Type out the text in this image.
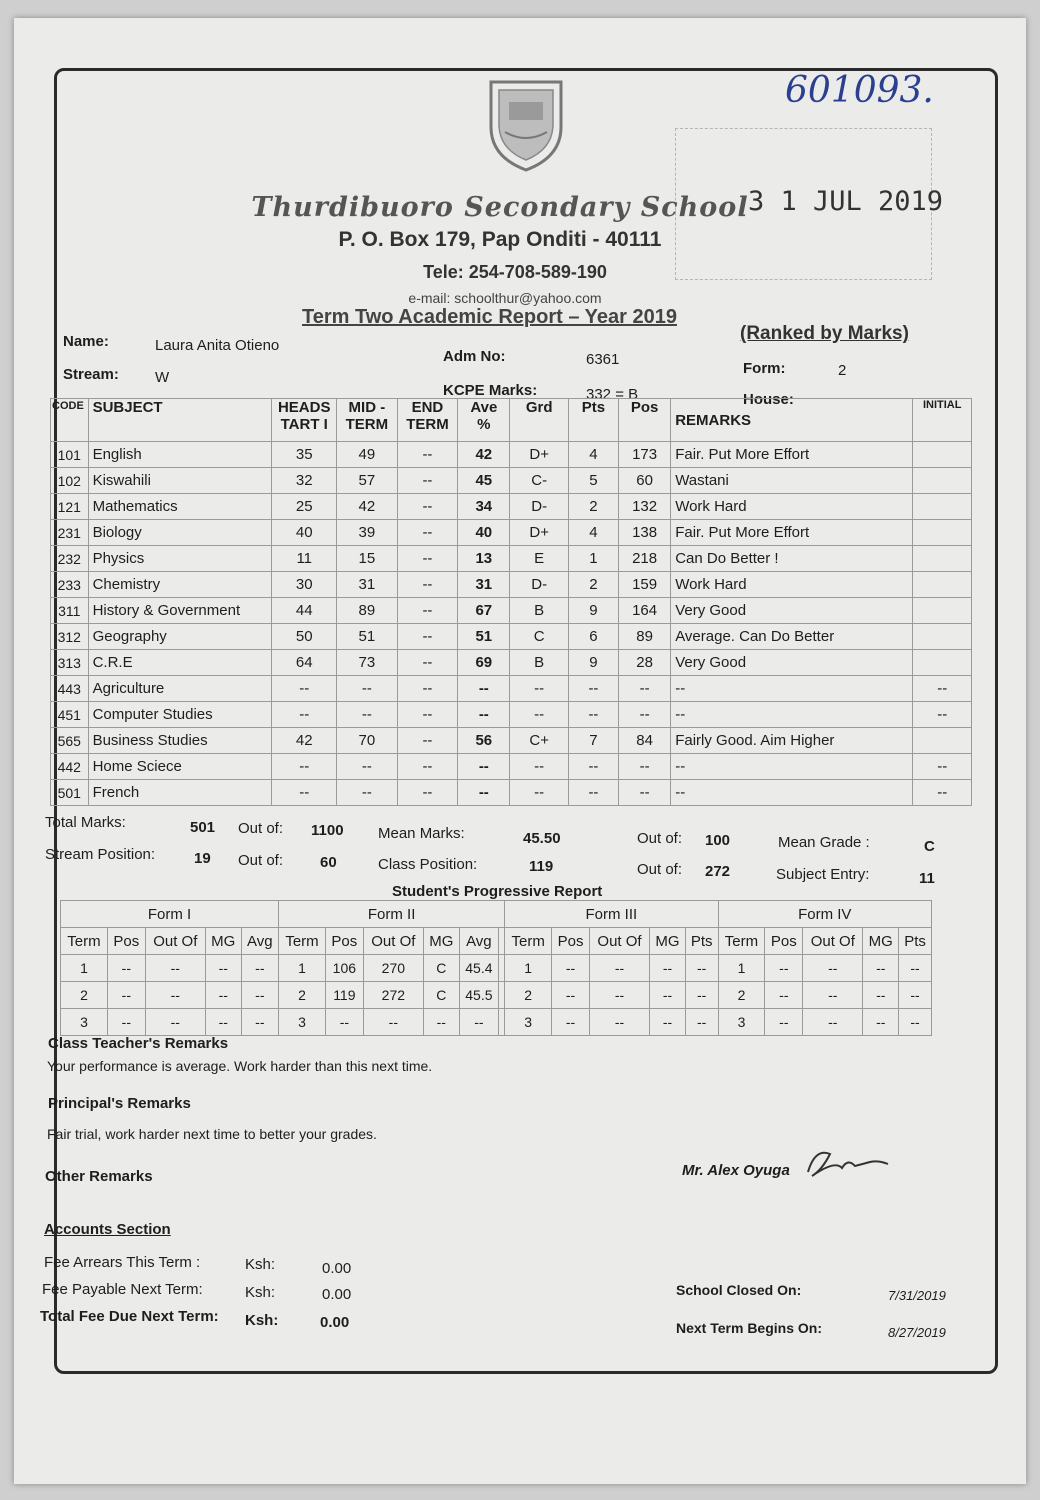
601093.
3 1 JUL 2019
Thurdibuoro Secondary School
P. O. Box 179, Pap Onditi - 40111
Tele: 254-708-589-190
e-mail: schoolthur@yahoo.com
Term Two Academic Report – Year 2019
(Ranked by Marks)
Name:	Laura Anita Otieno
Stream: W
Adm No:	6361
KCPE Marks:	332 = B
Form:	2
House:
CODE	SUBJECT	HEADS TART I	MID - TERM	END TERM	Ave %	Grd	Pts	Pos	REMARKS	INITIAL
101	English	35	49	--	42	D+	4	173	Fair. Put More Effort	
102	Kiswahili	32	57	--	45	C-	5	60	Wastani	
121	Mathematics	25	42	--	34	D-	2	132	Work Hard	
231	Biology	40	39	--	40	D+	4	138	Fair. Put More Effort	
232	Physics	11	15	--	13	E	1	218	Can Do Better !	
233	Chemistry	30	31	--	31	D-	2	159	Work Hard	
311	History & Government	44	89	--	67	B	9	164	Very Good	
312	Geography	50	51	--	51	C	6	89	Average. Can Do Better	
313	C.R.E	64	73	--	69	B	9	28	Very Good	
443	Agriculture	--	--	--	--	--	--	--	--	--
451	Computer Studies	--	--	--	--	--	--	--	--	--
565	Business Studies	42	70	--	56	C+	7	84	Fairly Good. Aim Higher	
442	Home Sciece	--	--	--	--	--	--	--	--	--
501	French	--	--	--	--	--	--	--	--	--
Total Marks:	501 Out of: 1100 Mean Marks:	45.50	Out of: 100	Mean Grade :	C
Stream Position:	19 Out of: 60	Class Position:	119	Out of: 272	Subject Entry:	11
Student's Progressive Report
Form I					Form II						Form III					Form IV				
Term	Pos	Out Of	MG	Avg	Term	Pos	Out Of	MG	Avg		Term	Pos	Out Of	MG	Pts	Term	Pos	Out Of	MG	Pts
1	--	--	--	--	1	106	270	C	45.4		1	--	--	--	--	1	--	--	--	--
2	--	--	--	--	2	119	272	C	45.5		2	--	--	--	--	2	--	--	--	--
3	--	--	--	--	3	--	--	--	--		3	--	--	--	--	3	--	--	--	--
Class Teacher's Remarks
Your performance is average. Work harder than this next time.
Principal's Remarks
Fair trial, work harder next time to better your grades.
Other Remarks	Mr. Alex Oyuga
Accounts Section
Fee Arrears This Term :	Ksh:	0.00
Fee Payable Next Term:	Ksh:	0.00
Total Fee Due Next Term: Ksh:	0.00
School Closed On:	7/31/2019
Next Term Begins On:	8/27/2019
